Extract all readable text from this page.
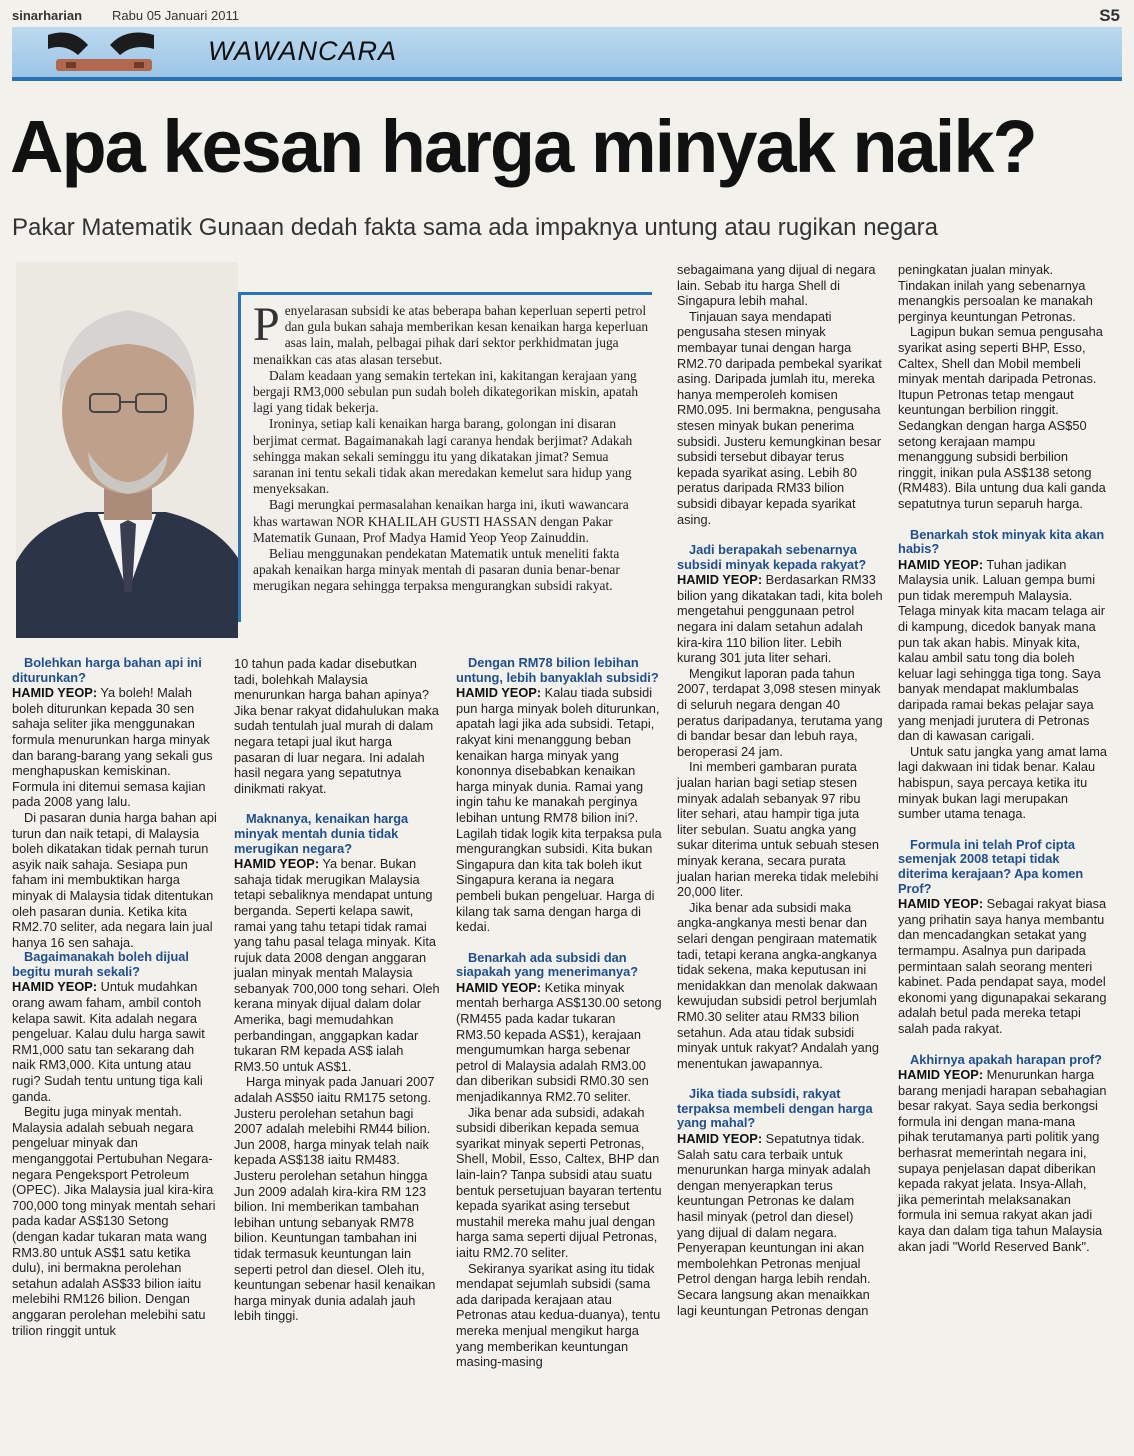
sinarharian Rabu 05 Januari 2011	S5
WAWANCARA
Apa kesan harga minyak naik?
Pakar Matematik Gunaan dedah fakta sama ada impaknya untung atau rugikan negara

Penyelarasan subsidi ke atas beberapa bahan keperluan seperti petrol dan gula bukan sahaja memberikan kesan kenaikan harga keperluan asas lain, malah, pelbagai pihak dari sektor perkhidmatan juga menaikkan cas atas alasan tersebut.

Dalam keadaan yang semakin tertekan ini, kakitangan kerajaan yang bergaji RM3,000 sebulan pun sudah boleh dikategorikan miskin, apatah lagi yang tidak bekerja.

Ironinya, setiap kali kenaikan harga barang, golongan ini disaran berjimat cermat. Bagaimanakah lagi caranya hendak berjimat? Adakah sehingga makan sekali seminggu itu yang dikatakan jimat? Semua saranan ini tentu sekali tidak akan meredakan kemelut sara hidup yang menyeksakan.

Bagi merungkai permasalahan kenaikan harga ini, ikuti wawancara khas wartawan NOR KHALILAH GUSTI HASSAN dengan Pakar Matematik Gunaan, Prof Madya Hamid Yeop Yeop Zainuddin.

Beliau menggunakan pendekatan Matematik untuk meneliti fakta apakah kenaikan harga minyak mentah di pasaran dunia benar-benar merugikan negara sehingga terpaksa mengurangkan subsidi rakyat.

Bolehkan harga bahan api ini diturunkan?

HAMID YEOP: Ya boleh! Malah boleh diturunkan kepada 30 sen sahaja seliter jika menggunakan formula menurunkan harga minyak dan barang-barang yang sekali gus menghapuskan kemiskinan. Formula ini ditemui semasa kajian pada 2008 yang lalu.

Di pasaran dunia harga bahan api turun dan naik tetapi, di Malaysia boleh dikatakan tidak pernah turun asyik naik sahaja. Sesiapa pun faham ini membuktikan harga minyak di Malaysia tidak ditentukan oleh pasaran dunia. Ketika kita RM2.70 seliter, ada negara lain jual hanya 16 sen sahaja.

Bagaimanakah boleh dijual begitu murah sekali?

HAMID YEOP: Untuk mudahkan orang awam faham, ambil contoh kelapa sawit. Kita adalah negara pengeluar. Kalau dulu harga sawit RM1,000 satu tan sekarang dah naik RM3,000. Kita untung atau rugi? Sudah tentu untung tiga kali ganda.

Begitu juga minyak mentah. Malaysia adalah sebuah negara pengeluar minyak dan menganggotai Pertubuhan Negara-negara Pengeksport Petroleum (OPEC). Jika Malaysia jual kira-kira 700,000 tong minyak mentah sehari pada kadar AS$130 Setong (dengan kadar tukaran mata wang RM3.80 untuk AS$1 satu ketika dulu), ini bermakna perolehan setahun adalah AS$33 bilion iaitu melebihi RM126 bilion. Dengan anggaran perolehan melebihi satu trilion ringgit untuk

10 tahun pada kadar disebutkan tadi, bolehkah Malaysia menurunkan harga bahan apinya? Jika benar rakyat didahulukan maka sudah tentulah jual murah di dalam negara tetapi jual ikut harga pasaran di luar negara. Ini adalah hasil negara yang sepatutnya dinikmati rakyat.

Maknanya, kenaikan harga minyak mentah dunia tidak merugikan negara?

HAMID YEOP: Ya benar. Bukan sahaja tidak merugikan Malaysia tetapi sebaliknya mendapat untung berganda. Seperti kelapa sawit, ramai yang tahu tetapi tidak ramai yang tahu pasal telaga minyak. Kita rujuk data 2008 dengan anggaran jualan minyak mentah Malaysia sebanyak 700,000 tong sehari. Oleh kerana minyak dijual dalam dolar Amerika, bagi memudahkan perbandingan, anggapkan kadar tukaran RM kepada AS$ ialah RM3.50 untuk AS$1.

Harga minyak pada Januari 2007 adalah AS$50 iaitu RM175 setong. Justeru perolehan setahun bagi 2007 adalah melebihi RM44 bilion. Jun 2008, harga minyak telah naik kepada AS$138 iaitu RM483. Justeru perolehan setahun hingga Jun 2009 adalah kira-kira RM 123 bilion. Ini memberikan tambahan lebihan untung sebanyak RM78 bilion. Keuntungan tambahan ini tidak termasuk keuntungan lain seperti petrol dan diesel. Oleh itu, keuntungan sebenar hasil kenaikan harga minyak dunia adalah jauh lebih tinggi.

Dengan RM78 bilion lebihan untung, lebih banyaklah subsidi?

HAMID YEOP: Kalau tiada subsidi pun harga minyak boleh diturunkan, apatah lagi jika ada subsidi. Tetapi, rakyat kini menanggung beban kenaikan harga minyak yang kononnya disebabkan kenaikan harga minyak dunia. Ramai yang ingin tahu ke manakah perginya lebihan untung RM78 bilion ini?. Lagilah tidak logik kita terpaksa pula mengurangkan subsidi. Kita bukan Singapura dan kita tak boleh ikut Singapura kerana ia negara pembeli bukan pengeluar. Harga di kilang tak sama dengan harga di kedai.

Benarkah ada subsidi dan siapakah yang menerimanya?

HAMID YEOP: Ketika minyak mentah berharga AS$130.00 setong (RM455 pada kadar tukaran RM3.50 kepada AS$1), kerajaan mengumumkan harga sebenar petrol di Malaysia adalah RM3.00 dan diberikan subsidi RM0.30 sen menjadikannya RM2.70 seliter.

Jika benar ada subsidi, adakah subsidi diberikan kepada semua syarikat minyak seperti Petronas, Shell, Mobil, Esso, Caltex, BHP dan lain-lain? Tanpa subsidi atau suatu bentuk persetujuan bayaran tertentu kepada syarikat asing tersebut mustahil mereka mahu jual dengan harga sama seperti dijual Petronas, iaitu RM2.70 seliter.

Sekiranya syarikat asing itu tidak mendapat sejumlah subsidi (sama ada daripada kerajaan atau Petronas atau kedua-duanya), tentu mereka menjual mengikut harga yang memberikan keuntungan masing-masing

sebagaimana yang dijual di negara lain. Sebab itu harga Shell di Singapura lebih mahal.

Tinjauan saya mendapati pengusaha stesen minyak membayar tunai dengan harga RM2.70 daripada pembekal syarikat asing. Daripada jumlah itu, mereka hanya memperoleh komisen RM0.095. Ini bermakna, pengusaha stesen minyak bukan penerima subsidi. Justeru kemungkinan besar subsidi tersebut dibayar terus kepada syarikat asing. Lebih 80 peratus daripada RM33 bilion subsidi dibayar kepada syarikat asing.

Jadi berapakah sebenarnya subsidi minyak kepada rakyat?

HAMID YEOP: Berdasarkan RM33 bilion yang dikatakan tadi, kita boleh mengetahui penggunaan petrol negara ini dalam setahun adalah kira-kira 110 bilion liter. Lebih kurang 301 juta liter sehari.

Mengikut laporan pada tahun 2007, terdapat 3,098 stesen minyak di seluruh negara dengan 40 peratus daripadanya, terutama yang di bandar besar dan lebuh raya, beroperasi 24 jam.

Ini memberi gambaran purata jualan harian bagi setiap stesen minyak adalah sebanyak 97 ribu liter sehari, atau hampir tiga juta liter sebulan. Suatu angka yang sukar diterima untuk sebuah stesen minyak kerana, secara purata jualan harian mereka tidak melebihi 20,000 liter.

Jika benar ada subsidi maka angka-angkanya mesti benar dan selari dengan pengiraan matematik tadi, tetapi kerana angka-angkanya tidak sekena, maka keputusan ini menidakkan dan menolak dakwaan kewujudan subsidi petrol berjumlah RM0.30 seliter atau RM33 bilion setahun. Ada atau tidak subsidi minyak untuk rakyat? Andalah yang menentukan jawapannya.

Jika tiada subsidi, rakyat terpaksa membeli dengan harga yang mahal?

HAMID YEOP: Sepatutnya tidak. Salah satu cara terbaik untuk menurunkan harga minyak adalah dengan menyerapkan terus keuntungan Petronas ke dalam hasil minyak (petrol dan diesel) yang dijual di dalam negara. Penyerapan keuntungan ini akan membolehkan Petronas menjual Petrol dengan harga lebih rendah. Secara langsung akan menaikkan lagi keuntungan Petronas dengan

peningkatan jualan minyak. Tindakan inilah yang sebenarnya menangkis persoalan ke manakah perginya keuntungan Petronas.

Lagipun bukan semua pengusaha syarikat asing seperti BHP, Esso, Caltex, Shell dan Mobil membeli minyak mentah daripada Petronas. Itupun Petronas tetap mengaut keuntungan berbilion ringgit. Sedangkan dengan harga AS$50 setong kerajaan mampu menanggung subsidi berbilion ringgit, inikan pula AS$138 setong (RM483). Bila untung dua kali ganda sepatutnya turun separuh harga.

Benarkah stok minyak kita akan habis?

HAMID YEOP: Tuhan jadikan Malaysia unik. Laluan gempa bumi pun tidak merempuh Malaysia. Telaga minyak kita macam telaga air di kampung, dicedok banyak mana pun tak akan habis. Minyak kita, kalau ambil satu tong dia boleh keluar lagi sehingga tiga tong. Saya banyak mendapat maklumbalas daripada ramai bekas pelajar saya yang menjadi jurutera di Petronas dan di kawasan carigali.

Untuk satu jangka yang amat lama lagi dakwaan ini tidak benar. Kalau habispun, saya percaya ketika itu minyak bukan lagi merupakan sumber utama tenaga.

Formula ini telah Prof cipta semenjak 2008 tetapi tidak diterima kerajaan? Apa komen Prof?

HAMID YEOP: Sebagai rakyat biasa yang prihatin saya hanya membantu dan mencadangkan setakat yang termampu. Asalnya pun daripada permintaan salah seorang menteri kabinet. Pada pendapat saya, model ekonomi yang digunapakai sekarang adalah betul pada mereka tetapi salah pada rakyat.

Akhirnya apakah harapan prof?

HAMID YEOP: Menurunkan harga barang menjadi harapan sebahagian besar rakyat. Saya sedia berkongsi formula ini dengan mana-mana pihak terutamanya parti politik yang berhasrat memerintah negara ini, supaya penjelasan dapat diberikan kepada rakyat jelata. Insya-Allah, jika pemerintah melaksanakan formula ini semua rakyat akan jadi kaya dan dalam tiga tahun Malaysia akan jadi "World Reserved Bank".
